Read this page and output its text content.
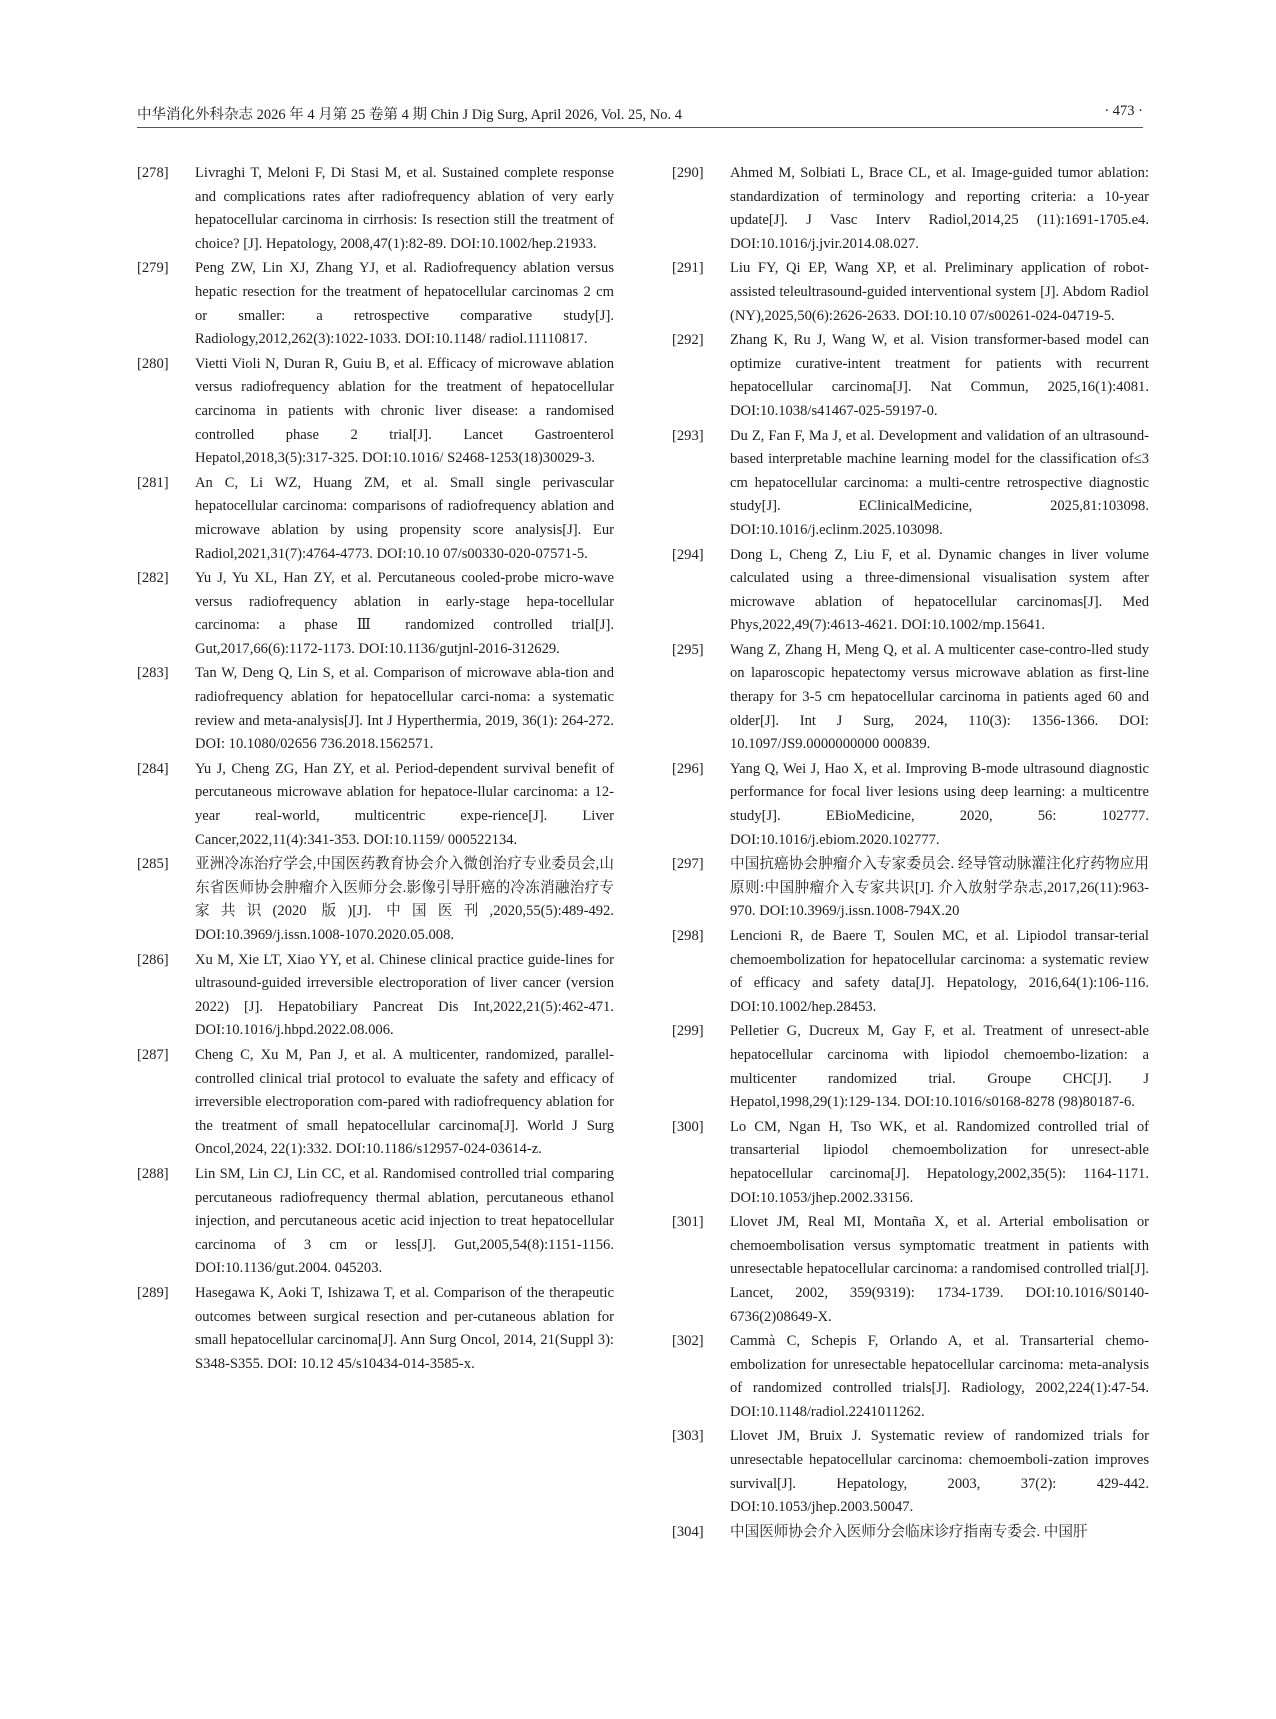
中华消化外科杂志 2026 年 4 月第 25 卷第 4 期 Chin J Dig Surg, April 2026, Vol. 25, No. 4	· 473 ·
[278] Livraghi T, Meloni F, Di Stasi M, et al. Sustained complete response and complications rates after radiofrequency ablation of very early hepatocellular carcinoma in cirrhosis: Is resection still the treatment of choice? [J]. Hepatology, 2008,47(1):82-89. DOI:10.1002/hep.21933.
[279] Peng ZW, Lin XJ, Zhang YJ, et al. Radiofrequency ablation versus hepatic resection for the treatment of hepatocellular carcinomas 2 cm or smaller: a retrospective comparative study[J]. Radiology,2012,262(3):1022-1033. DOI:10.1148/ radiol.11110817.
[280] Vietti Violi N, Duran R, Guiu B, et al. Efficacy of microwave ablation versus radiofrequency ablation for the treatment of hepatocellular carcinoma in patients with chronic liver disease: a randomised controlled phase 2 trial[J]. Lancet Gastroenterol Hepatol,2018,3(5):317-325. DOI:10.1016/ S2468-1253(18)30029-3.
[281] An C, Li WZ, Huang ZM, et al. Small single perivascular hepatocellular carcinoma: comparisons of radiofrequency ablation and microwave ablation by using propensity score analysis[J]. Eur Radiol,2021,31(7):4764-4773. DOI:10.10 07/s00330-020-07571-5.
[282] Yu J, Yu XL, Han ZY, et al. Percutaneous cooled-probe micro-wave versus radiofrequency ablation in early-stage hepa-tocellular carcinoma: a phase Ⅲ randomized controlled trial[J]. Gut,2017,66(6):1172-1173. DOI:10.1136/gutjnl-2016-312629.
[283] Tan W, Deng Q, Lin S, et al. Comparison of microwave abla-tion and radiofrequency ablation for hepatocellular carci-noma: a systematic review and meta-analysis[J]. Int J Hyperthermia, 2019, 36(1): 264-272. DOI: 10.1080/02656 736.2018.1562571.
[284] Yu J, Cheng ZG, Han ZY, et al. Period-dependent survival benefit of percutaneous microwave ablation for hepatoce-llular carcinoma: a 12-year real-world, multicentric expe-rience[J]. Liver Cancer,2022,11(4):341-353. DOI:10.1159/ 000522134.
[285] 亚洲冷冻治疗学会,中国医药教育协会介入微创治疗专业委员会,山东省医师协会肿瘤介入医师分会.影像引导肝癌的冷冻消融治疗专家共识(2020 版)[J]. 中国医刊,2020,55(5):489-492. DOI:10.3969/j.issn.1008-1070.2020.05.008.
[286] Xu M, Xie LT, Xiao YY, et al. Chinese clinical practice guide-lines for ultrasound-guided irreversible electroporation of liver cancer (version 2022) [J]. Hepatobiliary Pancreat Dis Int,2022,21(5):462-471. DOI:10.1016/j.hbpd.2022.08.006.
[287] Cheng C, Xu M, Pan J, et al. A multicenter, randomized, parallel-controlled clinical trial protocol to evaluate the safety and efficacy of irreversible electroporation com-pared with radiofrequency ablation for the treatment of small hepatocellular carcinoma[J]. World J Surg Oncol,2024, 22(1):332. DOI:10.1186/s12957-024-03614-z.
[288] Lin SM, Lin CJ, Lin CC, et al. Randomised controlled trial comparing percutaneous radiofrequency thermal ablation, percutaneous ethanol injection, and percutaneous acetic acid injection to treat hepatocellular carcinoma of 3 cm or less[J]. Gut,2005,54(8):1151-1156. DOI:10.1136/gut.2004. 045203.
[289] Hasegawa K, Aoki T, Ishizawa T, et al. Comparison of the therapeutic outcomes between surgical resection and per-cutaneous ablation for small hepatocellular carcinoma[J]. Ann Surg Oncol, 2014, 21(Suppl 3): S348-S355. DOI: 10.12 45/s10434-014-3585-x.
[290] Ahmed M, Solbiati L, Brace CL, et al. Image-guided tumor ablation: standardization of terminology and reporting criteria: a 10-year update[J]. J Vasc Interv Radiol,2014,25 (11):1691-1705.e4. DOI:10.1016/j.jvir.2014.08.027.
[291] Liu FY, Qi EP, Wang XP, et al. Preliminary application of robot-assisted teleultrasound-guided interventional system [J]. Abdom Radiol (NY),2025,50(6):2626-2633. DOI:10.10 07/s00261-024-04719-5.
[292] Zhang K, Ru J, Wang W, et al. Vision transformer-based model can optimize curative-intent treatment for patients with recurrent hepatocellular carcinoma[J]. Nat Commun, 2025,16(1):4081. DOI:10.1038/s41467-025-59197-0.
[293] Du Z, Fan F, Ma J, et al. Development and validation of an ultrasound-based interpretable machine learning model for the classification of≤3 cm hepatocellular carcinoma: a multi-centre retrospective diagnostic study[J]. EClinicalMedicine, 2025,81:103098. DOI:10.1016/j.eclinm.2025.103098.
[294] Dong L, Cheng Z, Liu F, et al. Dynamic changes in liver volume calculated using a three-dimensional visualisation system after microwave ablation of hepatocellular carcinomas[J]. Med Phys,2022,49(7):4613-4621. DOI:10.1002/mp.15641.
[295] Wang Z, Zhang H, Meng Q, et al. A multicenter case-contro-lled study on laparoscopic hepatectomy versus microwave ablation as first-line therapy for 3-5 cm hepatocellular carcinoma in patients aged 60 and older[J]. Int J Surg, 2024, 110(3): 1356-1366. DOI: 10.1097/JS9.0000000000 000839.
[296] Yang Q, Wei J, Hao X, et al. Improving B-mode ultrasound diagnostic performance for focal liver lesions using deep learning: a multicentre study[J]. EBioMedicine, 2020, 56: 102777. DOI:10.1016/j.ebiom.2020.102777.
[297] 中国抗癌协会肿瘤介入专家委员会. 经导管动脉灌注化疗药物应用原则:中国肿瘤介入专家共识[J]. 介入放射学杂志,2017,26(11):963-970. DOI:10.3969/j.issn.1008-794X.20
[298] Lencioni R, de Baere T, Soulen MC, et al. Lipiodol transar-terial chemoembolization for hepatocellular carcinoma: a systematic review of efficacy and safety data[J]. Hepatology, 2016,64(1):106-116. DOI:10.1002/hep.28453.
[299] Pelletier G, Ducreux M, Gay F, et al. Treatment of unresect-able hepatocellular carcinoma with lipiodol chemoembo-lization: a multicenter randomized trial. Groupe CHC[J]. J Hepatol,1998,29(1):129-134. DOI:10.1016/s0168-8278 (98)80187-6.
[300] Lo CM, Ngan H, Tso WK, et al. Randomized controlled trial of transarterial lipiodol chemoembolization for unresect-able hepatocellular carcinoma[J]. Hepatology,2002,35(5): 1164-1171. DOI:10.1053/jhep.2002.33156.
[301] Llovet JM, Real MI, Montaña X, et al. Arterial embolisation or chemoembolisation versus symptomatic treatment in patients with unresectable hepatocellular carcinoma: a randomised controlled trial[J]. Lancet, 2002, 359(9319): 1734-1739. DOI:10.1016/S0140-6736(2)08649-X.
[302] Cammà C, Schepis F, Orlando A, et al. Transarterial chemo-embolization for unresectable hepatocellular carcinoma: meta-analysis of randomized controlled trials[J]. Radiology, 2002,224(1):47-54. DOI:10.1148/radiol.2241011262.
[303] Llovet JM, Bruix J. Systematic review of randomized trials for unresectable hepatocellular carcinoma: chemoemboli-zation improves survival[J]. Hepatology, 2003, 37(2): 429-442. DOI:10.1053/jhep.2003.50047.
[304] 中国医师协会介入医师分会临床诊疗指南专委会. 中国肝
